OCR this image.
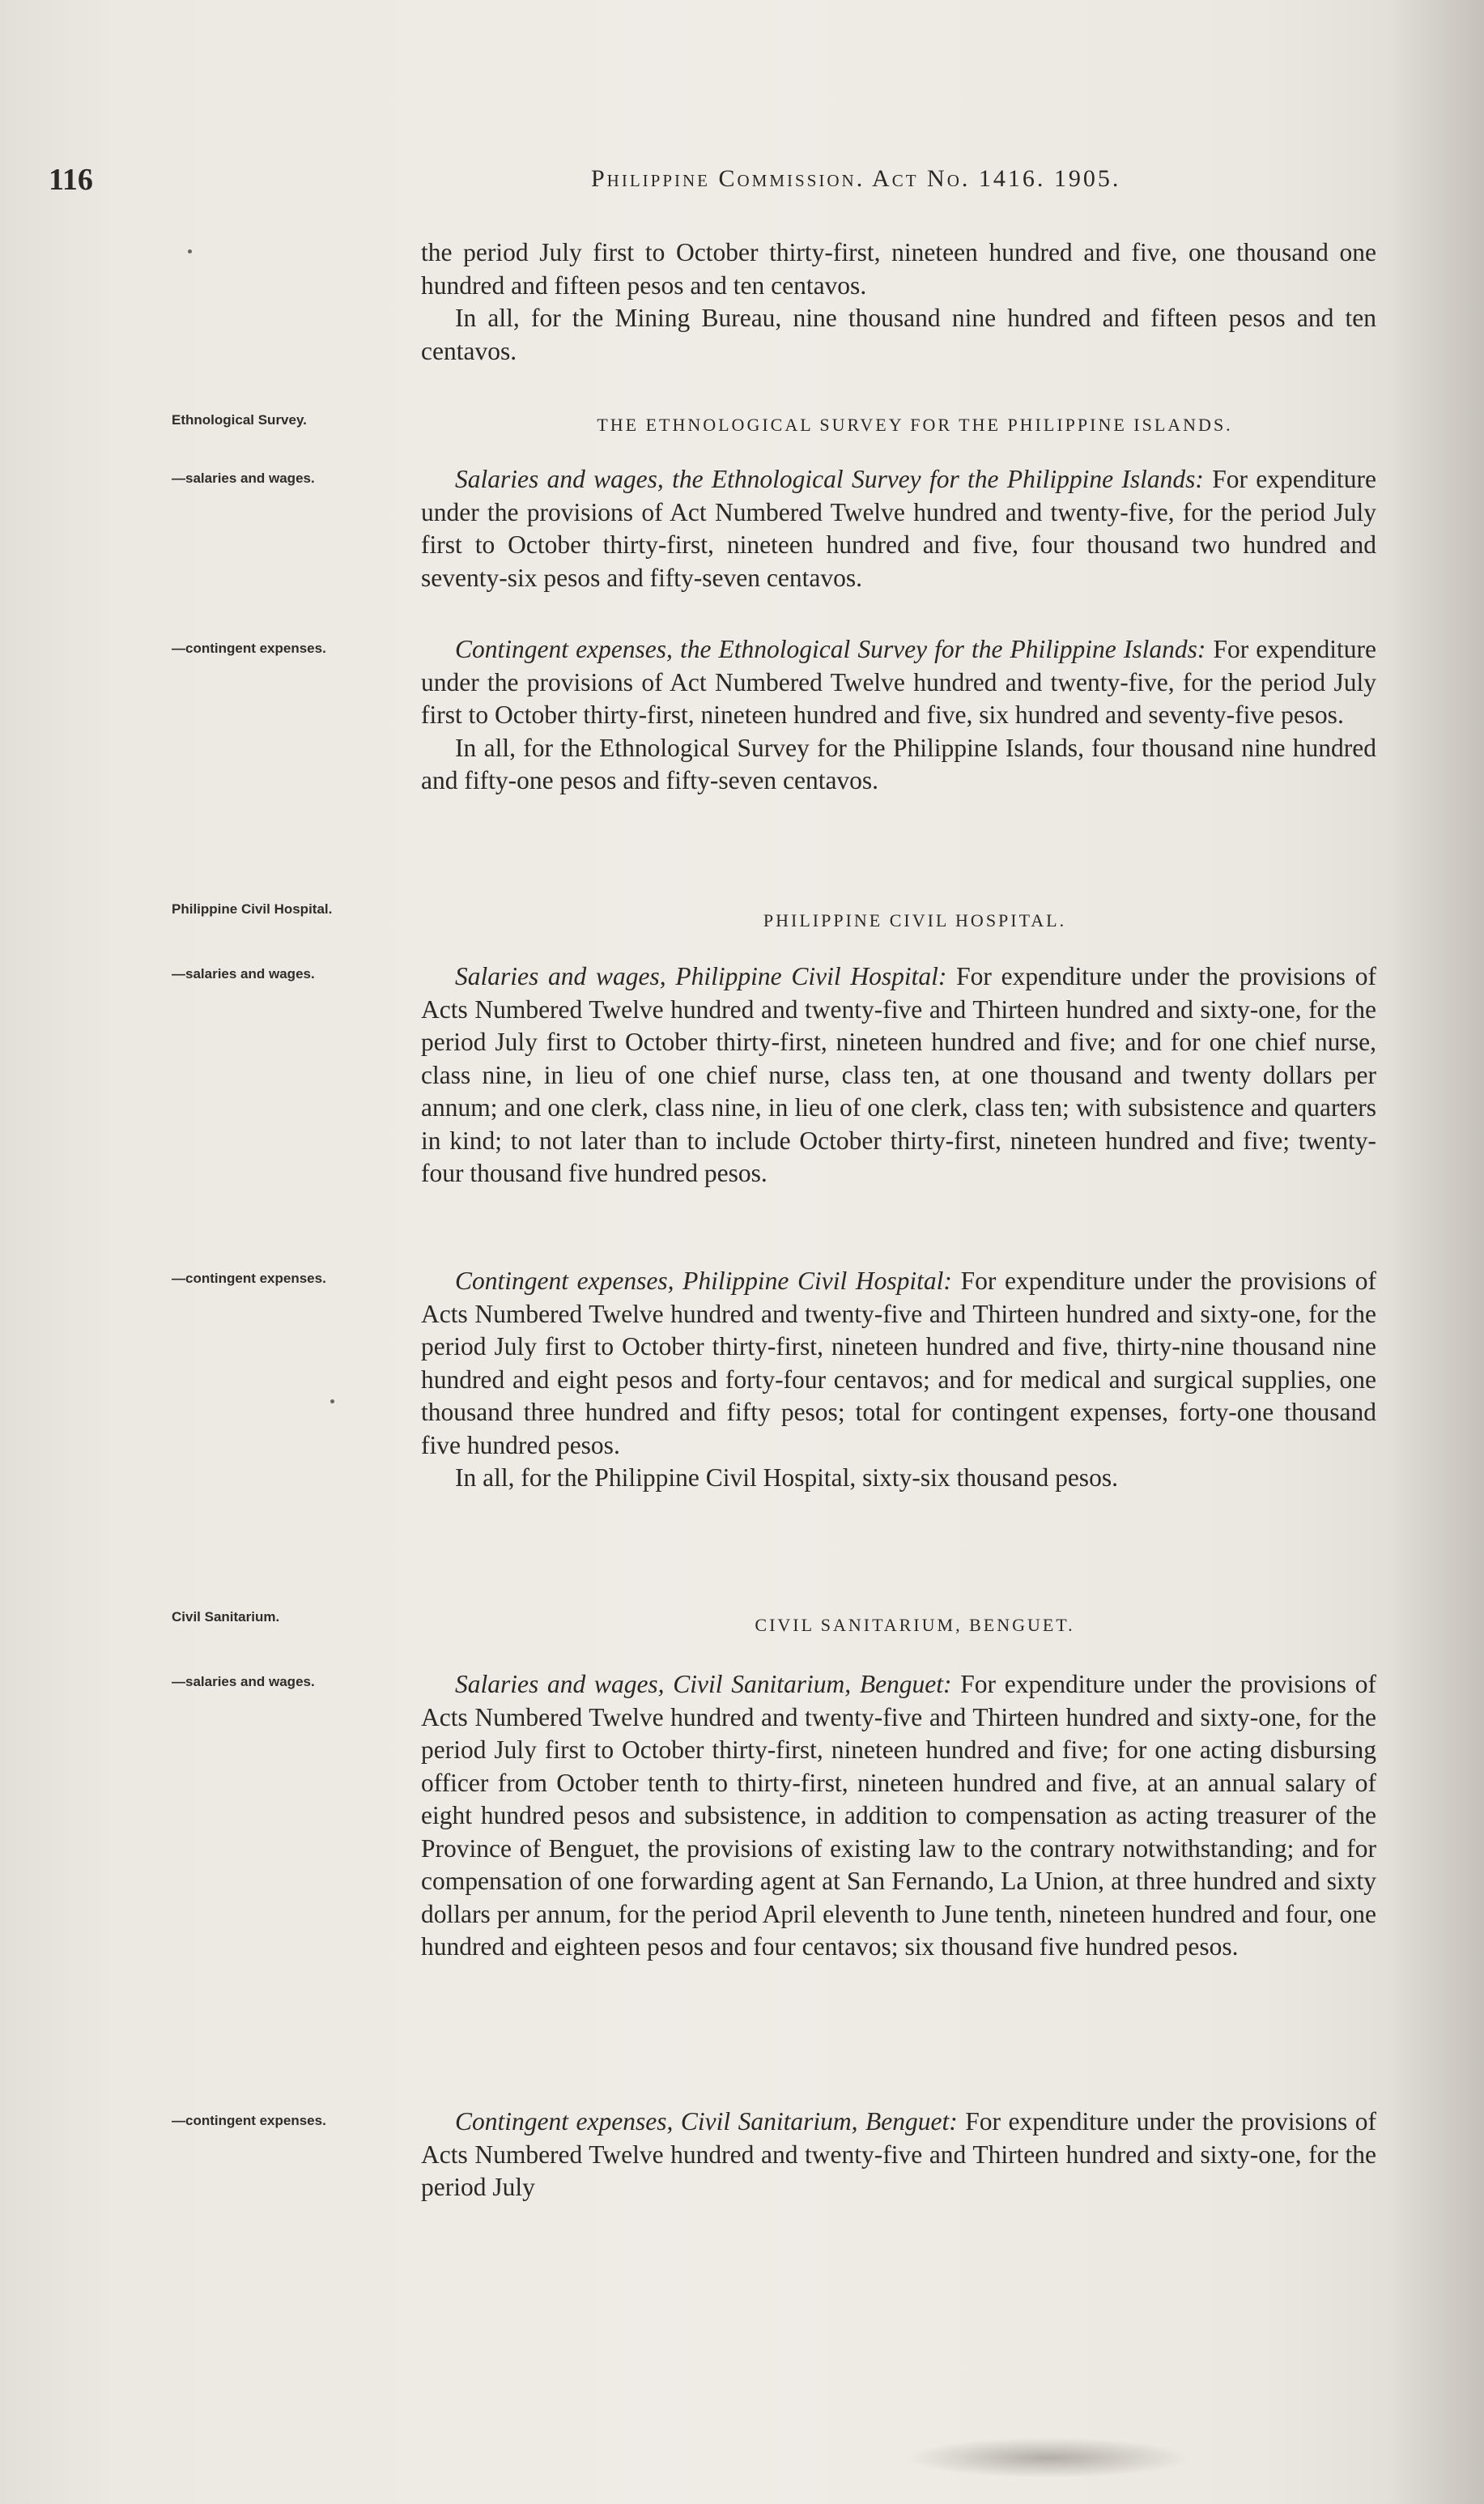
116	Philippine Commission. Act No. 1416. 1905.

the period July first to October thirty-first, nineteen hundred and five, one thousand one hundred and fifteen pesos and ten centavos.

In all, for the Mining Bureau, nine thousand nine hundred and fifteen pesos and ten centavos.

Ethnological Survey.	THE ETHNOLOGICAL SURVEY FOR THE PHILIPPINE ISLANDS.

—salaries and wages.	Salaries and wages, the Ethnological Survey for the Philippine Islands: For expenditure under the provisions of Act Numbered Twelve hundred and twenty-five, for the period July first to October thirty-first, nineteen hundred and five, four thousand two hundred and seventy-six pesos and fifty-seven centavos.

—contingent expenses.	Contingent expenses, the Ethnological Survey for the Philippine Islands: For expenditure under the provisions of Act Numbered Twelve hundred and twenty-five, for the period July first to October thirty-first, nineteen hundred and five, six hundred and seventy-five pesos.

In all, for the Ethnological Survey for the Philippine Islands, four thousand nine hundred and fifty-one pesos and fifty-seven centavos.

Philippine Civil Hospital.

PHILIPPINE CIVIL HOSPITAL.

—salaries and wages.	Salaries and wages, Philippine Civil Hospital: For expenditure under the provisions of Acts Numbered Twelve hundred and twenty-five and Thirteen hundred and sixty-one, for the period July first to October thirty-first, nineteen hundred and five; and for one chief nurse, class nine, in lieu of one chief nurse, class ten, at one thousand and twenty dollars per annum; and one clerk, class nine, in lieu of one clerk, class ten; with subsistence and quarters in kind; to not later than to include October thirty-first, nineteen hundred and five; twenty-four thousand five hundred pesos.

—contingent expenses.	Contingent expenses, Philippine Civil Hospital: For expenditure under the provisions of Acts Numbered Twelve hundred and twenty-five and Thirteen hundred and sixty-one, for the period July first to October thirty-first, nineteen hundred and five, thirty-nine thousand nine hundred and eight pesos and forty-four centavos; and for medical and surgical supplies, one thousand three hundred and fifty pesos; total for contingent expenses, forty-one thousand five hundred pesos.

In all, for the Philippine Civil Hospital, sixty-six thousand pesos.

Civil Sanitarium.	CIVIL SANITARIUM, BENGUET.

—salaries and wages.	Salaries and wages, Civil Sanitarium, Benguet: For expenditure under the provisions of Acts Numbered Twelve hundred and twenty-five and Thirteen hundred and sixty-one, for the period July first to October thirty-first, nineteen hundred and five; for one acting disbursing officer from October tenth to thirty-first, nineteen hundred and five, at an annual salary of eight hundred pesos and subsistence, in addition to compensation as acting treasurer of the Province of Benguet, the provisions of existing law to the contrary notwithstanding; and for compensation of one forwarding agent at San Fernando, La Union, at three hundred and sixty dollars per annum, for the period April eleventh to June tenth, nineteen hundred and four, one hundred and eighteen pesos and four centavos; six thousand five hundred pesos.

—contingent expenses.	Contingent expenses, Civil Sanitarium, Benguet: For expenditure under the provisions of Acts Numbered Twelve hundred and twenty-five and Thirteen hundred and sixty-one, for the period July
